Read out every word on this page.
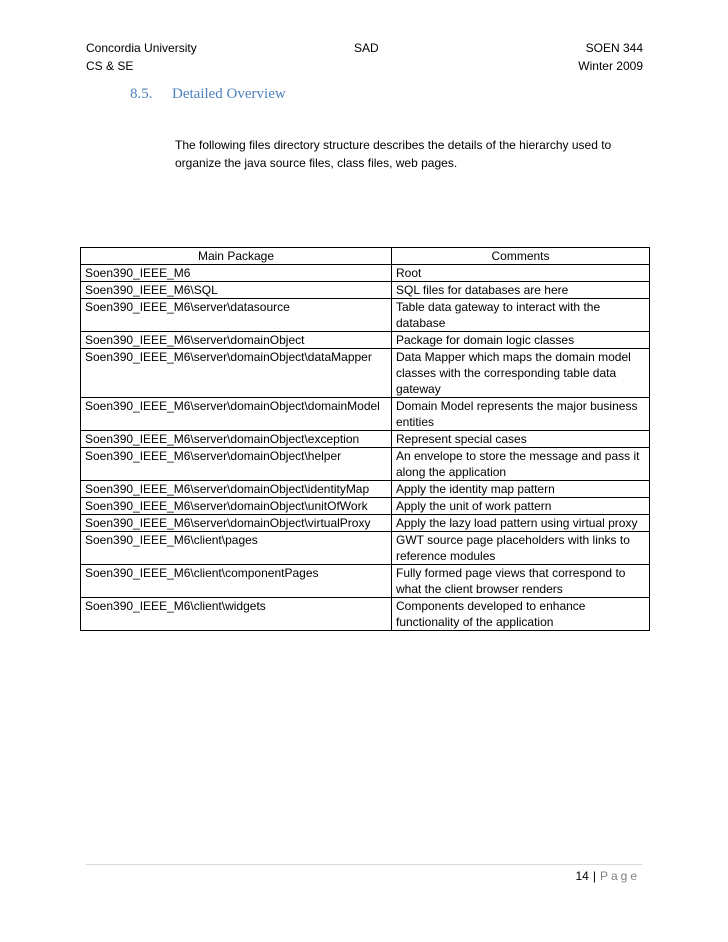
Concordia University	SAD	SOEN 344
CS & SE	Winter 2009
8.5. Detailed Overview
The following files directory structure describes the details of the hierarchy used to organize the java source files, class files, web pages.
Main Package	Comments
Soen390_IEEE_M6	Root
Soen390_IEEE_M6\SQL	SQL files for databases are here
Soen390_IEEE_M6\server\datasource	Table data gateway to interact with the database
Soen390_IEEE_M6\server\domainObject	Package for domain logic classes
Soen390_IEEE_M6\server\domainObject\dataMapper	Data Mapper which maps the domain model classes with the corresponding table data gateway
Soen390_IEEE_M6\server\domainObject\domainModel	Domain Model represents the major business entities
Soen390_IEEE_M6\server\domainObject\exception	Represent special cases
Soen390_IEEE_M6\server\domainObject\helper	An envelope to store the message and pass it along the application
Soen390_IEEE_M6\server\domainObject\identityMap	Apply the identity map pattern
Soen390_IEEE_M6\server\domainObject\unitOfWork	Apply the unit of work pattern
Soen390_IEEE_M6\server\domainObject\virtualProxy	Apply the lazy load pattern using virtual proxy
Soen390_IEEE_M6\client\pages	GWT source page placeholders with links to reference modules
Soen390_IEEE_M6\client\componentPages	Fully formed page views that correspond to what the client browser renders
Soen390_IEEE_M6\client\widgets	Components developed to enhance functionality of the application
14 | Page
